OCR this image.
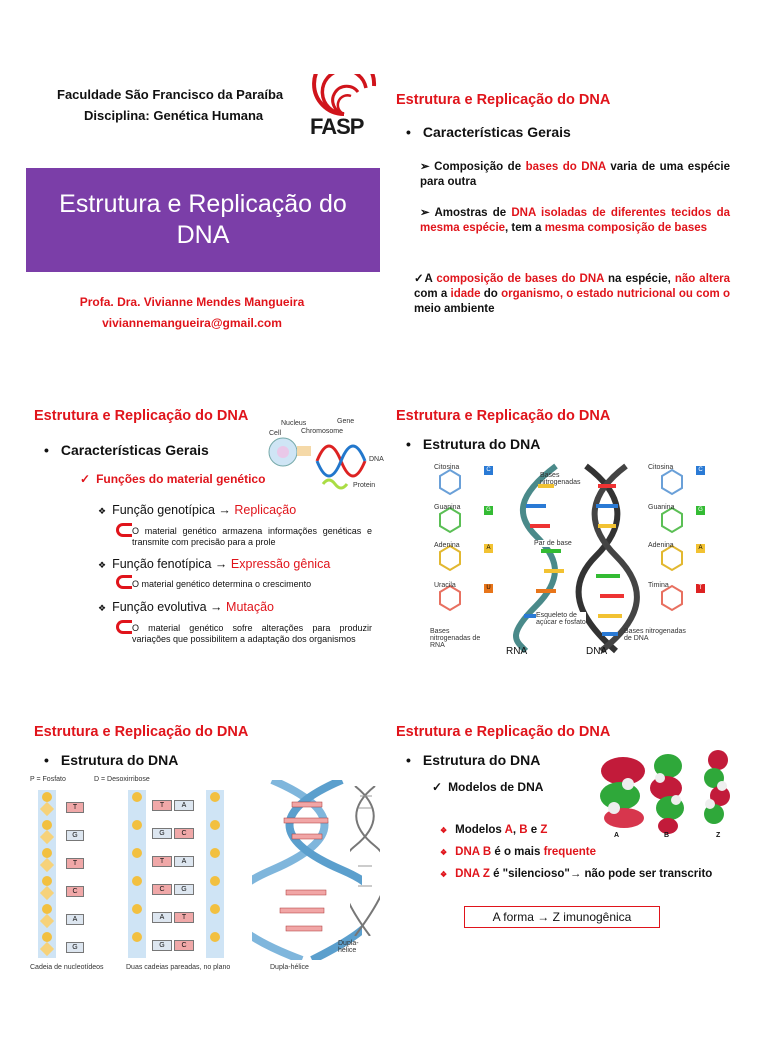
Faculdade São Francisco da Paraíba
Disciplina: Genética Humana FASP
Estrutura e Replicação do DNA
Profa. Dra. Vivianne Mendes Mangueira
viviannemangueira@gmail.com
Estrutura e Replicação do DNA
• Características Gerais
➢ Composição de bases do DNA varia de uma espécie para outra
➢ Amostras de DNA isoladas de diferentes tecidos da mesma espécie, tem a mesma composição de bases
✓A composição de bases do DNA na espécie, não altera com a idade do organismo, o estado nutricional ou com o meio ambiente
Estrutura e Replicação do DNA
• Características Gerais
Cell
Nucleus
Chromosome
Gene
DNA
Protein
✓ Funções do material genético
❖ Função genotípica → Replicação
O material genético armazena informações genéticas e transmite com precisão para a prole
❖ Função fenotípica → Expressão gênica
O material genético determina o crescimento
❖ Função evolutiva → Mutação
O material genético sofre alterações para produzir variações que possibilitem a adaptação dos organismos
Estrutura e Replicação do DNA
• Estrutura do DNA
Citosina
Guanina
Adenina
Uracila
C
G
A
U
Citosina
Guanina
Adenina
Timina
C
G
A
T
Bases nitrogenadas
Par de base
Esqueleto de açúcar e fosfato
Bases nitrogenadas de RNA
Bases nitrogenadas de DNA
RNA	DNA
Estrutura e Replicação do DNA
• Estrutura do DNA
P = Fosfato	D = Desoxirribose
T
G
T
C
A
G
T	A
G	C
T	A
C	G
A	T
G	C
Cadeia de nucleotídeos	Duas cadeias pareadas, no plano	Dupla-hélice
Dupla-hélice
Estrutura e Replicação do DNA
• Estrutura do DNA
A	B	Z
✓ Modelos de DNA
❖ Modelos A, B e Z
❖ DNA B é o mais frequente
❖ DNA Z é "silencioso"→ não pode ser transcrito
A forma → Z imunogênica
